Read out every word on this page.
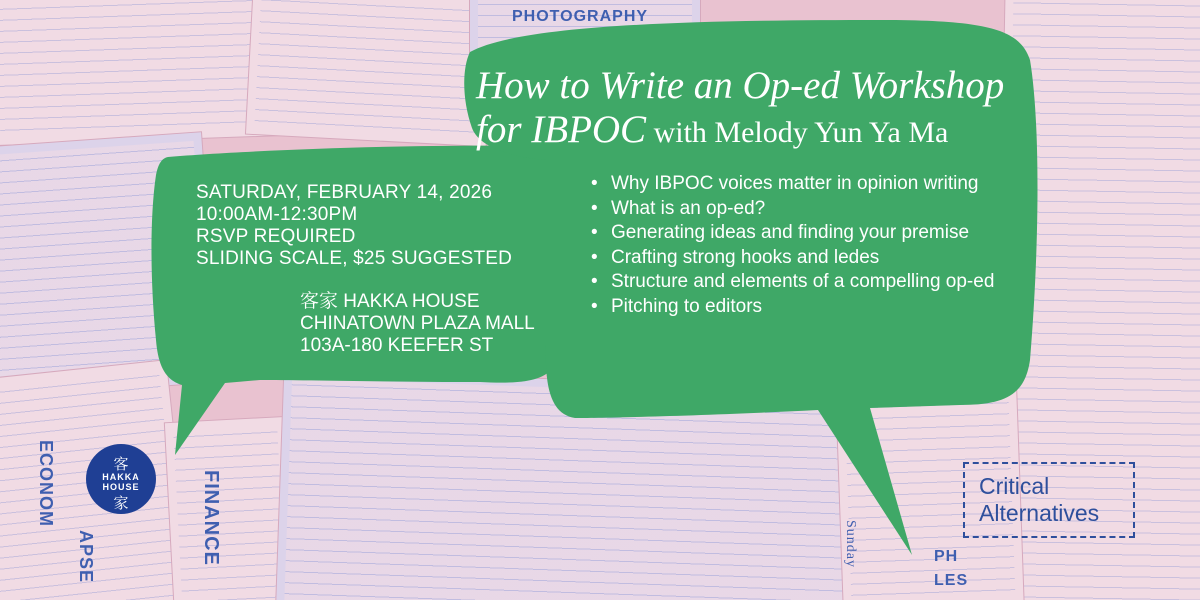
PHOTOGRAPHY
ECONOM	FINANCE
APSE	Sunday	PH
LES
How to Write an Op-ed Workshop
for IBPOC with Melody Yun Ya Ma
SATURDAY, FEBRUARY 14, 2026
10:00AM-12:30PM
RSVP REQUIRED
SLIDING SCALE, $25 SUGGESTED
客家 HAKKA HOUSE
CHINATOWN PLAZA MALL
103A-180 KEEFER ST
• Why IBPOC voices matter in opinion writing
• What is an op-ed?
• Generating ideas and finding your premise
• Crafting strong hooks and ledes
• Structure and elements of a compelling op-ed
• Pitching to editors
客
HAKKA
HOUSE
家
Critical
Alternatives
